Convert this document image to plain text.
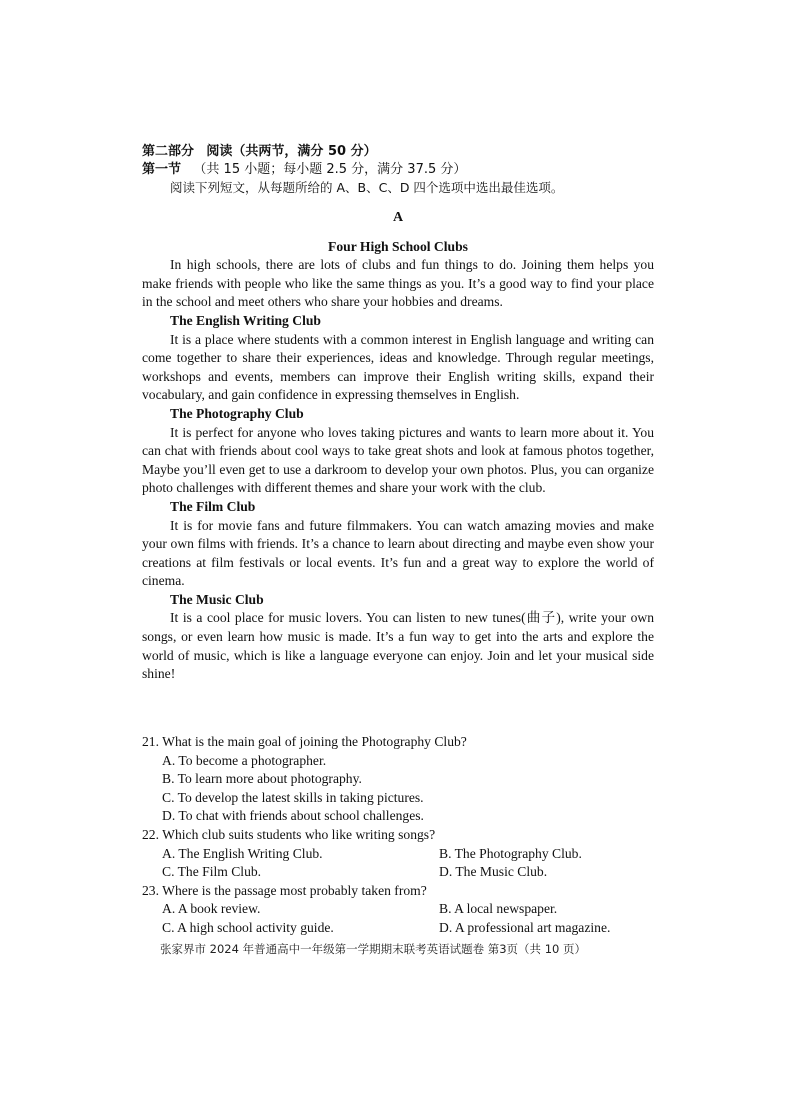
第二部分 阅读（共两节，满分 50 分）

第一节 （共 15 小题；每小题 2.5 分，满分 37.5 分）

阅读下列短文，从每题所给的 A、B、C、D 四个选项中选出最佳选项。

A
Four High School Clubs

In high schools, there are lots of clubs and fun things to do. Joining them helps you make friends with people who like the same things as you. It’s a good way to find your place in the school and meet others who share your hobbies and dreams.

The English Writing Club

It is a place where students with a common interest in English language and writing can come together to share their experiences, ideas and knowledge. Through regular meetings, workshops and events, members can improve their English writing skills, expand their vocabulary, and gain confidence in expressing themselves in English.

The Photography Club

It is perfect for anyone who loves taking pictures and wants to learn more about it. You can chat with friends about cool ways to take great shots and look at famous photos together, Maybe you’ll even get to use a darkroom to develop your own photos. Plus, you can organize photo challenges with different themes and share your work with the club.

The Film Club

It is for movie fans and future filmmakers. You can watch amazing movies and make your own films with friends. It’s a chance to learn about directing and maybe even show your creations at film festivals or local events. It’s fun and a great way to explore the world of cinema.

The Music Club

It is a cool place for music lovers. You can listen to new tunes(曲子), write your own songs, or even learn how music is made. It’s a fun way to get into the arts and explore the world of music, which is like a language everyone can enjoy. Join and let your musical side shine!

21. What is the main goal of joining the Photography Club?
A. To become a photographer.
B. To learn more about photography.
C. To develop the latest skills in taking pictures.
D. To chat with friends about school challenges.
22. Which club suits students who like writing songs?
A. The English Writing Club.	B. The Photography Club.
C. The Film Club.	D. The Music Club.
23. Where is the passage most probably taken from?
A. A book review.	B. A local newspaper.
C. A high school activity guide.	D. A professional art magazine.
张家界市 2024 年普通高中一年级第一学期期末联考英语试题卷 第3页（共 10 页）
